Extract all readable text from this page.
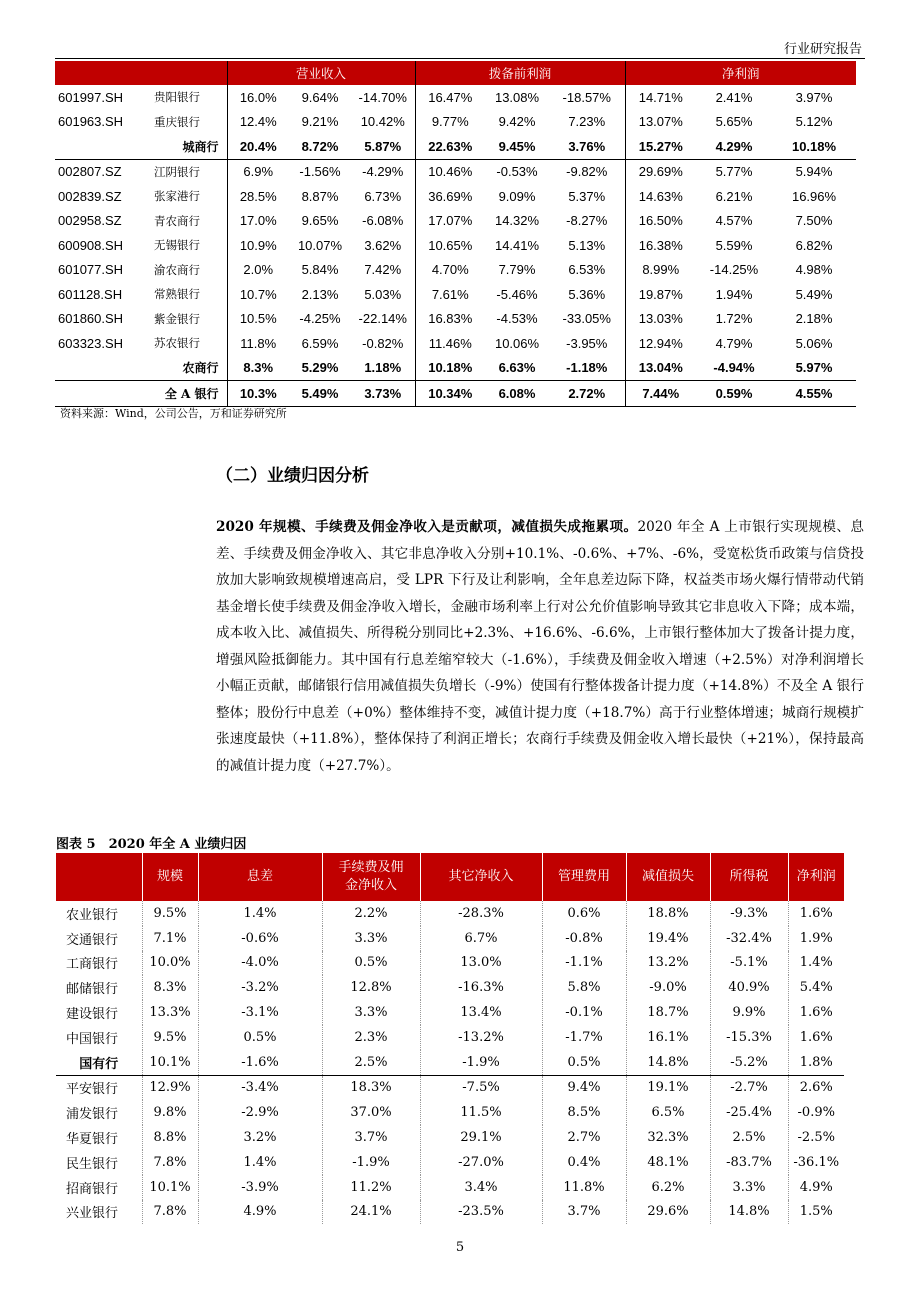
行业研究报告
		营业收入			拨备前利润			净利润		
601997.SH	贵阳银行	16.0%	9.64%	-14.70%	16.47%	13.08%	-18.57%	14.71%	2.41%	3.97%
601963.SH	重庆银行	12.4%	9.21%	10.42%	9.77%	9.42%	7.23%	13.07%	5.65%	5.12%
城商行		20.4%	8.72%	5.87%	22.63%	9.45%	3.76%	15.27%	4.29%	10.18%
002807.SZ	江阴银行	6.9%	-1.56%	-4.29%	10.46%	-0.53%	-9.82%	29.69%	5.77%	5.94%
002839.SZ	张家港行	28.5%	8.87%	6.73%	36.69%	9.09%	5.37%	14.63%	6.21%	16.96%
002958.SZ	青农商行	17.0%	9.65%	-6.08%	17.07%	14.32%	-8.27%	16.50%	4.57%	7.50%
600908.SH	无锡银行	10.9%	10.07%	3.62%	10.65%	14.41%	5.13%	16.38%	5.59%	6.82%
601077.SH	渝农商行	2.0%	5.84%	7.42%	4.70%	7.79%	6.53%	8.99%	-14.25%	4.98%
601128.SH	常熟银行	10.7%	2.13%	5.03%	7.61%	-5.46%	5.36%	19.87%	1.94%	5.49%
601860.SH	紫金银行	10.5%	-4.25%	-22.14%	16.83%	-4.53%	-33.05%	13.03%	1.72%	2.18%
603323.SH	苏农银行	11.8%	6.59%	-0.82%	11.46%	10.06%	-3.95%	12.94%	4.79%	5.06%
农商行		8.3%	5.29%	1.18%	10.18%	6.63%	-1.18%	13.04%	-4.94%	5.97%
全 A 银行		10.3%	5.49%	3.73%	10.34%	6.08%	2.72%	7.44%	0.59%	4.55%
资料来源：Wind，公司公告，万和证券研究所
（二）业绩归因分析
2020 年规模、手续费及佣金净收入是贡献项，减值损失成拖累项。2020 年全 A 上市银行实现规模、息差、手续费及佣金净收入、其它非息净收入分别+10.1%、-0.6%、+7%、-6%，受宽松货币政策与信贷投放加大影响致规模增速高启，受 LPR 下行及让利影响，全年息差边际下降，权益类市场火爆行情带动代销基金增长使手续费及佣金净收入增长，金融市场利率上行对公允价值影响导致其它非息收入下降；成本端，成本收入比、减值损失、所得税分别同比+2.3%、+16.6%、-6.6%，上市银行整体加大了拨备计提力度，增强风险抵御能力。其中国有行息差缩窄较大（-1.6%），手续费及佣金收入增速（+2.5%）对净利润增长小幅正贡献，邮储银行信用减值损失负增长（-9%）使国有行整体拨备计提力度（+14.8%）不及全 A 银行整体；股份行中息差（+0%）整体维持不变，减值计提力度（+18.7%）高于行业整体增速；城商行规模扩张速度最快（+11.8%），整体保持了利润正增长；农商行手续费及佣金收入增长最快（+21%），保持最高的减值计提力度（+27.7%）。
图表 5　2020 年全 A 业绩归因
	规模	息差	手续费及佣金净收入	其它净收入	管理费用	减值损失	所得税	净利润
农业银行	9.5%	1.4%	2.2%	-28.3%	0.6%	18.8%	-9.3%	1.6%
交通银行	7.1%	-0.6%	3.3%	6.7%	-0.8%	19.4%	-32.4%	1.9%
工商银行	10.0%	-4.0%	0.5%	13.0%	-1.1%	13.2%	-5.1%	1.4%
邮储银行	8.3%	-3.2%	12.8%	-16.3%	5.8%	-9.0%	40.9%	5.4%
建设银行	13.3%	-3.1%	3.3%	13.4%	-0.1%	18.7%	9.9%	1.6%
中国银行	9.5%	0.5%	2.3%	-13.2%	-1.7%	16.1%	-15.3%	1.6%
国有行	10.1%	-1.6%	2.5%	-1.9%	0.5%	14.8%	-5.2%	1.8%
平安银行	12.9%	-3.4%	18.3%	-7.5%	9.4%	19.1%	-2.7%	2.6%
浦发银行	9.8%	-2.9%	37.0%	11.5%	8.5%	6.5%	-25.4%	-0.9%
华夏银行	8.8%	3.2%	3.7%	29.1%	2.7%	32.3%	2.5%	-2.5%
民生银行	7.8%	1.4%	-1.9%	-27.0%	0.4%	48.1%	-83.7%	-36.1%
招商银行	10.1%	-3.9%	11.2%	3.4%	11.8%	6.2%	3.3%	4.9%
兴业银行	7.8%	4.9%	24.1%	-23.5%	3.7%	29.6%	14.8%	1.5%
5
